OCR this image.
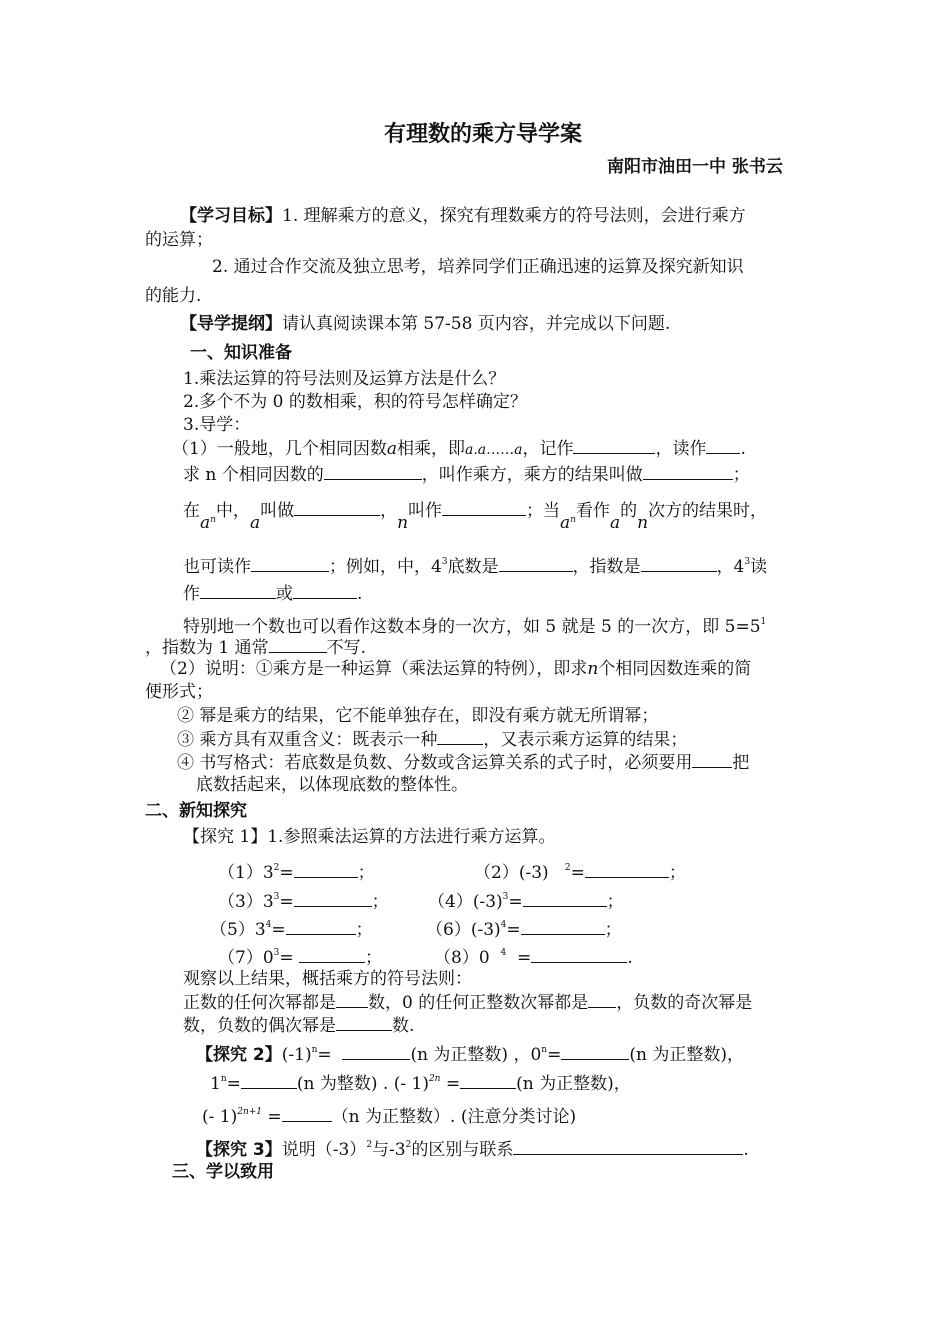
有理数的乘方导学案
南阳市油田一中 张书云
【学习目标】1. 理解乘方的意义，探究有理数乘方的符号法则，会进行乘方
的运算；
2. 通过合作交流及独立思考，培养同学们正确迅速的运算及探究新知识
的能力.
【导学提纲】请认真阅读课本第 57-58 页内容，并完成以下问题.
一、知识准备
1.乘法运算的符号法则及运算方法是什么？
2.多个不为 0 的数相乘，积的符号怎样确定？
3.导学：
（1）一般地，几个相同因数a相乘，即a.a……a，记作	，读作 .
求 n 个相同因数的	，叫作乘方，乘方的结果叫做	；
在$a^n$中，a叫做	，n叫作	；当$a^n$看作a的n次方的结果时，
也可读作	；例如，中，$4^3$底数是	，指数是	，$4^3$读
作	或	.
特别地一个数也可以看作这数本身的一次方，如 5 就是 5 的一次方，即 $5=5^1$
，指数为 1 通常	不写.
（2）说明：①乘方是一种运算（乘法运算的特例），即求n个相同因数连乘的简
便形式；
② 幂是乘方的结果，它不能单独存在，即没有乘方就无所谓幂；
③ 乘方具有双重含义：既表示一种	，又表示乘方运算的结果；
④ 书写格式：若底数是负数、分数或含运算关系的式子时，必须要用 把
底数括起来，以体现底数的整体性。
二、新知探究
【探究 1】1.参照乘法运算的方法进行乘方运算。
$(1)3^2=$	；	（2）(-3) $^2$=	；
$(3)3^3=$	； $(4)(-3)^3=$	；
$(5)3^4=$	；	$(6)(-3)^4=$	；
$(7)0^3=$	；	（8）0 $^4$ =	.
观察以上结果，概括乘方的符号法则：
正数的任何次幂都是 数，0 的任何正整数次幂都是 ，负数的奇次幂是
数，负数的偶次幂是	数.
【探究 2】$(-1)^n=$	(n 为正整数) ，$0^n=$	(n 为正整数)，
$1^n=$	(n 为整数) . (- 1)$^{2n}$ =	(n 为正整数)，
(- 1)$^{2n+1}$ =	（n 为正整数）. (注意分类讨论)
【探究 3】说明$(-3)^2$与$-3^2$的区别与联系	.
三、学以致用
